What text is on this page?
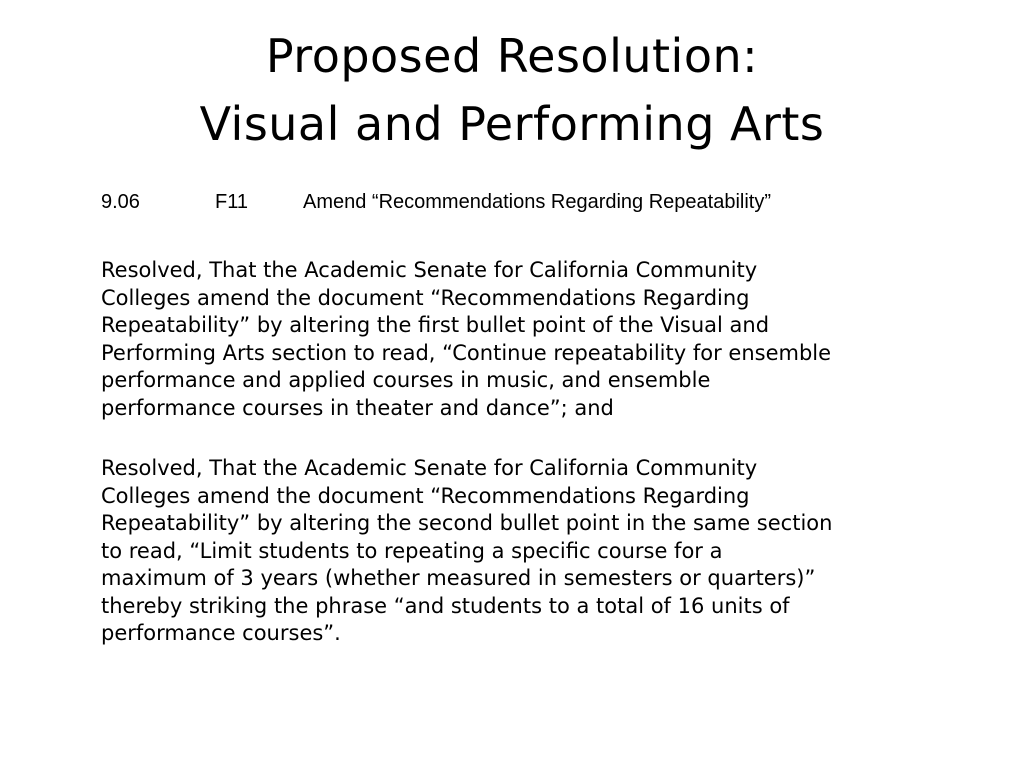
Proposed Resolution:
Visual and Performing Arts
9.06	F11	Amend “Recommendations Regarding Repeatability”
Resolved, That the Academic Senate for California Community
Colleges amend the document “Recommendations Regarding
Repeatability” by altering the first bullet point of the Visual and
Performing Arts section to read, “Continue repeatability for ensemble
performance and applied courses in music, and ensemble
performance courses in theater and dance”; and
Resolved, That the Academic Senate for California Community
Colleges amend the document “Recommendations Regarding
Repeatability” by altering the second bullet point in the same section
to read, “Limit students to repeating a specific course for a
maximum of 3 years (whether measured in semesters or quarters)”
thereby striking the phrase “and students to a total of 16 units of
performance courses”.
